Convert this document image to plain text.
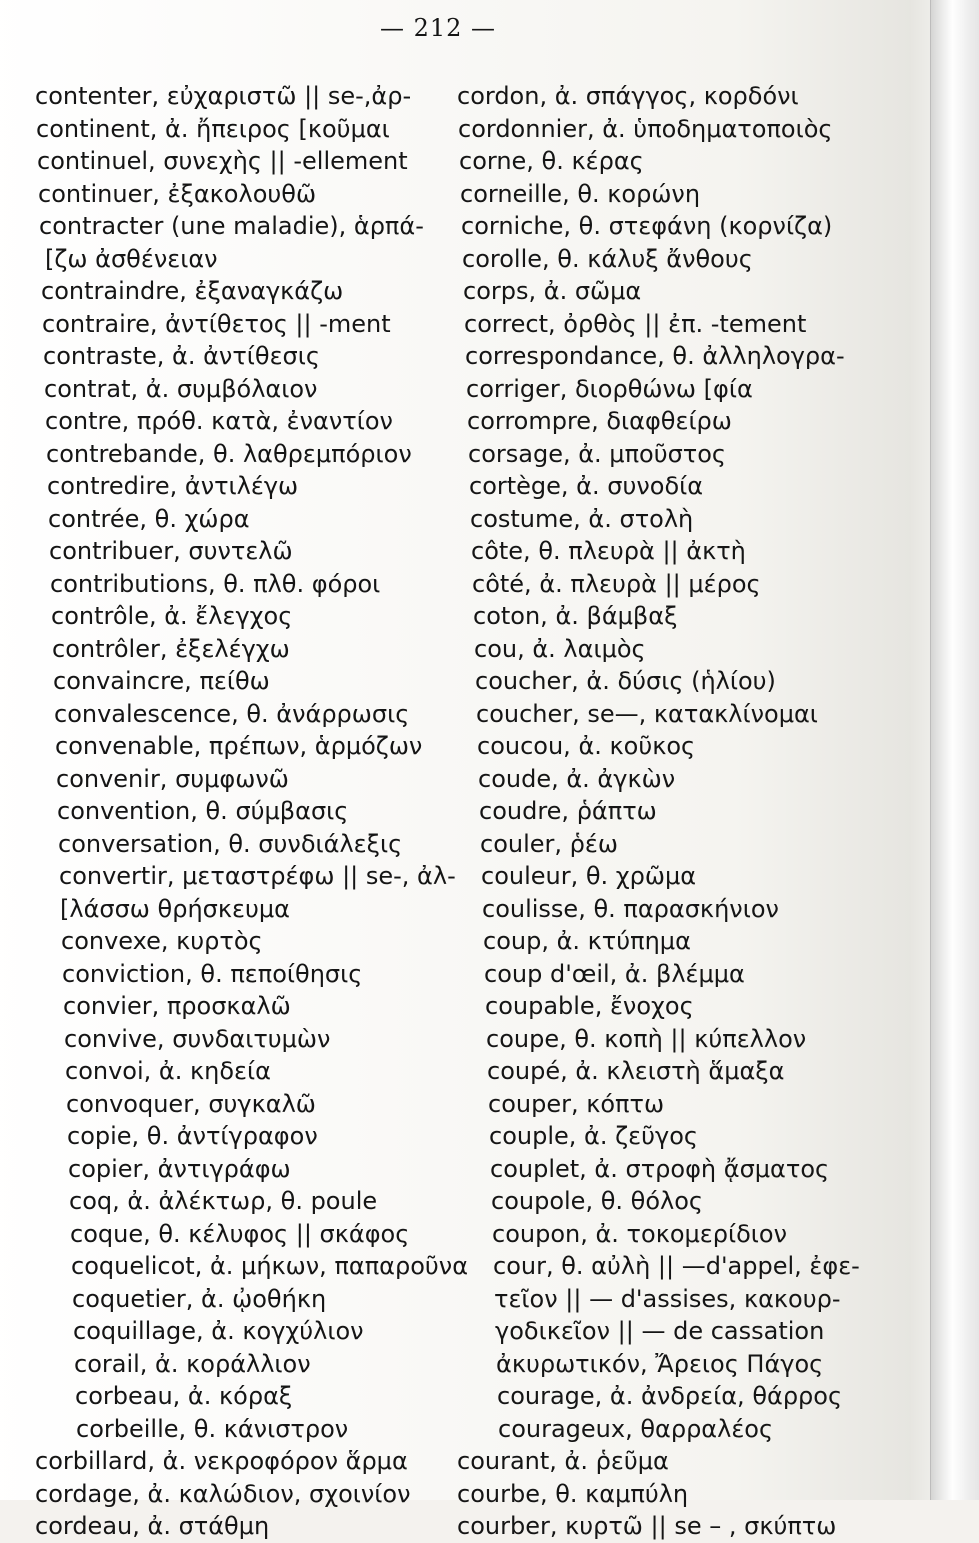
— 212 —
contenter, εὐχαριστῶ || se-,ἀρ-
continent, ἀ. ἤπειρος [κοῦμαι
continuel, συνεχὴς || -ellement
continuer, ἐξακολουθῶ
contracter (une maladie), ἁρπά-
[ζω ἀσθένειαν
contraindre, ἐξαναγκάζω
contraire, ἀντίθετος || -ment
contraste, ἀ. ἀντίθεσις
contrat, ἀ. συμβόλαιον
contre, πρόθ. κατὰ, ἐναντίον
contrebande, θ. λαθρεμπόριον
contredire, ἀντιλέγω
contrée, θ. χώρα
contribuer, συντελῶ
contributions, θ. πλθ. φόροι
contrôle, ἀ. ἔλεγχος
contrôler, ἐξελέγχω
convaincre, πείθω
convalescence, θ. ἀνάρρωσις
convenable, πρέπων, ἁρμόζων
convenir, συμφωνῶ
convention, θ. σύμβασις
conversation, θ. συνδιάλεξις
convertir, μεταστρέφω || se-, ἀλ-
[λάσσω θρήσκευμα
convexe, κυρτὸς
conviction, θ. πεποίθησις
convier, προσκαλῶ
convive, συνδαιτυμὼν
convoi, ἀ. κηδεία
convoquer, συγκαλῶ
copie, θ. ἀντίγραφον
copier, ἀντιγράφω
coq, ἀ. ἀλέκτωρ, θ. poule
coque, θ. κέλυφος || σκάφος
coquelicot, ἀ. μήκων, παπαροῦνα
coquetier, ἀ. ᾠοθήκη
coquillage, ἀ. κογχύλιον
corail, ἀ. κοράλλιον
corbeau, ἀ. κόραξ
corbeille, θ. κάνιστρον
corbillard, ἀ. νεκροφόρον ἅρμα
cordage, ἀ. καλώδιον, σχοινίον
cordeau, ἀ. στάθμη
cordon, ἀ. σπάγγος, κορδόνι
cordonnier, ἀ. ὑποδηματοποιὸς
corne, θ. κέρας
corneille, θ. κορώνη
corniche, θ. στεφάνη (κορνίζα)
corolle, θ. κάλυξ ἄνθους
corps, ἀ. σῶμα
correct, ὀρθὸς || ἐπ. -tement
correspondance, θ. ἀλληλογρα-
corriger, διορθώνω [φία
corrompre, διαφθείρω
corsage, ἀ. μποῦστος
cortège, ἀ. συνοδία
costume, ἀ. στολὴ
côte, θ. πλευρὰ || ἀκτὴ
côté, ἀ. πλευρὰ || μέρος
coton, ἀ. βάμβαξ
cou, ἀ. λαιμὸς
coucher, ἀ. δύσις (ἡλίου)
coucher, se—, κατακλίνομαι
coucou, ἀ. κοῦκος
coude, ἀ. ἀγκὼν
coudre, ῥάπτω
couler, ῥέω
couleur, θ. χρῶμα
coulisse, θ. παρασκήνιον
coup, ἀ. κτύπημα
coup d'œil, ἀ. βλέμμα
coupable, ἔνοχος
coupe, θ. κοπὴ || κύπελλον
coupé, ἀ. κλειστὴ ἅμαξα
couper, κόπτω
couple, ἀ. ζεῦγος
couplet, ἀ. στροφὴ ᾄσματος
coupole, θ. θόλος
coupon, ἀ. τοκομερίδιον
cour, θ. αὐλὴ || —d'appel, ἐφε-
τεῖον || — d'assises, κακουρ-
γοδικεῖον || — de cassation
ἀκυρωτικόν, Ἄρειος Πάγος
courage, ἀ. ἀνδρεία, θάρρος
courageux, θαρραλέος
courant, ἀ. ῥεῦμα
courbe, θ. καμπύλη
courber, κυρτῶ || se – , σκύπτω
